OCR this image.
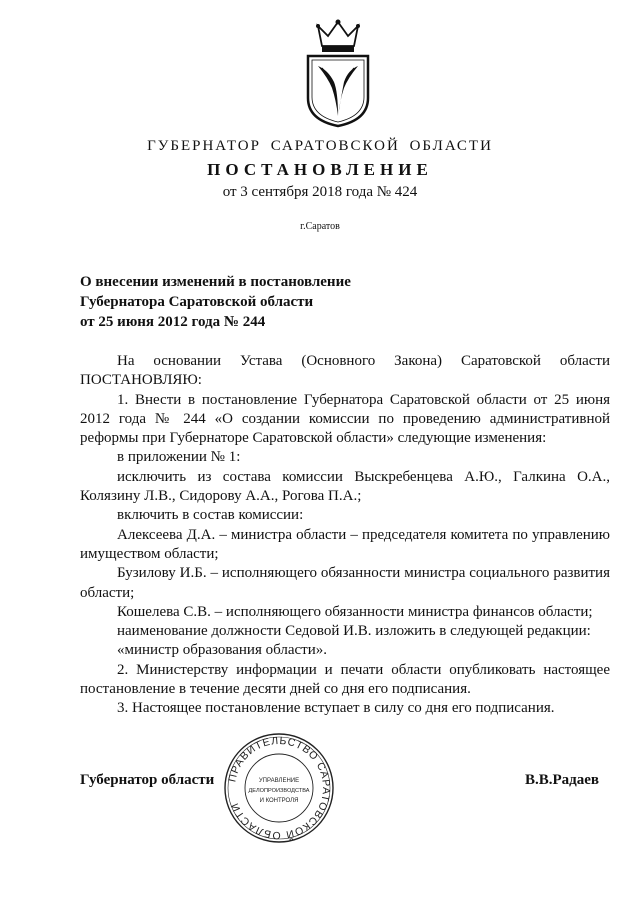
ГУБЕРНАТОР САРАТОВСКОЙ ОБЛАСТИ
ПОСТАНОВЛЕНИЕ
от 3 сентября 2018 года № 424
г.Саратов
О внесении изменений в постановление
Губернатора Саратовской области
от 25 июня 2012 года № 244

На основании Устава (Основного Закона) Саратовской области ПОСТАНОВЛЯЮ:

1. Внести в постановление Губернатора Саратовской области от 25 июня 2012 года № 244 «О создании комиссии по проведению административной реформы при Губернаторе Саратовской области» следующие изменения:

в приложении № 1:

исключить из состава комиссии Выскребенцева А.Ю., Галкина О.А., Колязину Л.В., Сидорову А.А., Рогова П.А.;

включить в состав комиссии:

Алексеева Д.А. – министра области – председателя комитета по управлению имуществом области;

Бузилову И.Б. – исполняющего обязанности министра социального развития области;

Кошелева С.В. – исполняющего обязанности министра финансов области;

наименование должности Седовой И.В. изложить в следующей редакции:

«министр образования области».

2. Министерству информации и печати области опубликовать настоящее постановление в течение десяти дней со дня его подписания.

3. Настоящее постановление вступает в силу со дня его подписания.

Губернатор области	В.В.Радаев
ПРАВИТЕЛЬСТВО САРАТОВСКОЙ ОБЛАСТИ
УПРАВЛЕНИЕ
ДЕЛОПРОИЗВОДСТВА
И КОНТРОЛЯ
